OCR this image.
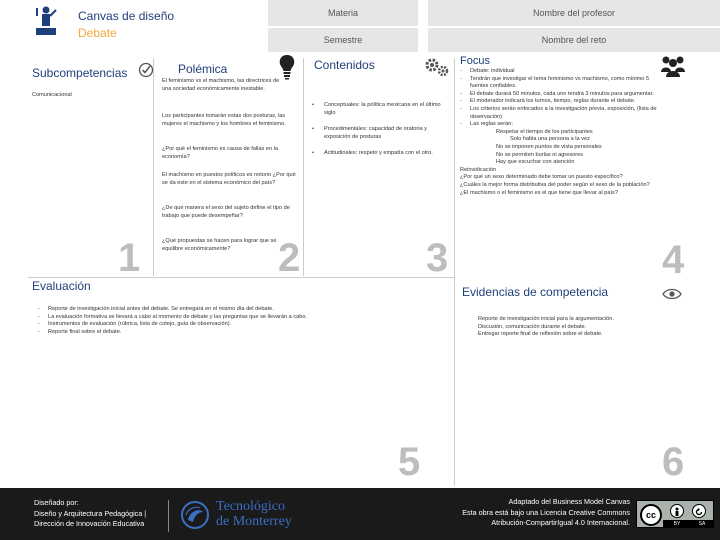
Canvas de diseño
Debate
Materia	Nombre del profesor
Semestre	Nombre del reto
Subcompetencias
Comunicacional
1
Polémica
El feminismo vs el machismo, las directrices de una sociedad económicamente inestable.
Los participantes tomarán estas dos posturas, las mujeres el machismo y los hombres el feminismo.
¿Por qué el feminismo es causa de fallas en la economía?
El machismo en puestos políticos es notorio ¿Por qué se da este en el sistema económico del país?
¿De qué manera el sexo del sujeto define el tipo de trabajo que puede desempeñar?
¿Qué propuestas se hacen para lograr que se equilibre económicamente?	2
Contenidos
• Conceptuales: la política mexicana en el último siglo
• Procedimentales: capacidad de oratoria y exposición de posturas
• Actitudinales: respeto y empatía con el otro.
3
Focus
- Debate: individual
- Tendrán que investigar el tema feminismo vs machismo, como mínimo 5 fuentes confiables.
- El debate durará 50 minutos, cada uno tendrá 3 minutos para argumentar.
- El moderador indicará los turnos, tiempo, reglas durante el debate.
- Los criterios serán enfocados a la investigación previa, exposición, (lista de observación)
- Las reglas serán:
Respetar el tiempo de los participantes
Solo habla una persona a la vez
No se imponen puntos de vista personales
No se permiten burlas ni agresores
Hay que escuchar con atención
Reinvidicación
¿Por qué un sexo determinado debe tomar un puesto específico?
¿Cuáles la mejor forma distributiva del poder según el sexo de la población?
¿El machismo o el feminismo es el que tiene que llevar al país?
4
Evaluación
- Reporte de investigación inicial antes del debate. Se entregará en el mismo día del debate.
- La evaluación formativa se llevará a cabo al momento de debate y las preguntas que se llevarán a cabo.
- Instrumentos de evaluación (rúbrica, lista de cotejo, guía de observación).
- Reporte final sobre el debate.
5
Evidencias de competencia
Reporte de investigación inicial para la argumentación.
Discusión, comunicación durante el debate.
Entregar reporte final de reflexión sobre el debate.
6
Diseñado por:
Diseño y Arquitectura Pedagógica |
Dirección de Innovación Educativa
Tecnológico
de Monterrey
Adaptado del Business Model Canvas
Esta obra está bajo una Licencia Creative Commons
Atribución-CompartirIgual 4.0 Internacional.
cc
BY	SA
